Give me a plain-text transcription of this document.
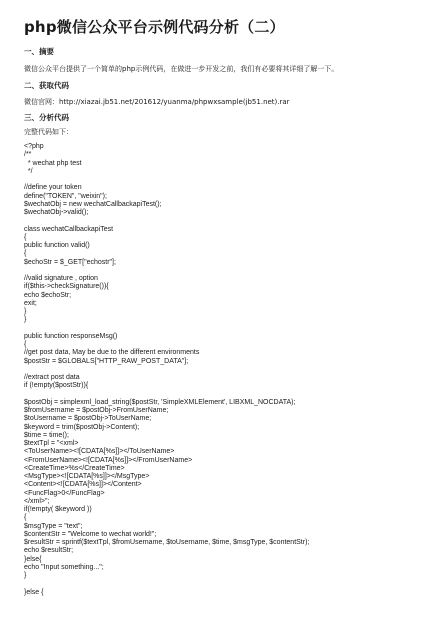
php微信公众平台示例代码分析（二）
一、摘要

微信公众平台提供了一个简单的php示例代码，在做进一步开发之前，我们有必要将其详细了解一下。

二、获取代码

微信官网：http://xiazai.jb51.net/201612/yuanma/phpwxsample(jb51.net).rar

三、分析代码

完整代码如下：

<?php
/**
* wechat php test
*/

//define your token
define("TOKEN", "weixin");
$wechatObj = new wechatCallbackapiTest();
$wechatObj->valid();

class wechatCallbackapiTest
{
public function valid()
{
$echoStr = $_GET["echostr"];

//valid signature , option
if($this->checkSignature()){
echo $echoStr;
exit;
}
}

public function responseMsg()
{
//get post data, May be due to the different environments
$postStr = $GLOBALS["HTTP_RAW_POST_DATA"];

//extract post data
if (!empty($postStr)){

$postObj = simplexml_load_string($postStr, 'SimpleXMLElement', LIBXML_NOCDATA);
$fromUsername = $postObj->FromUserName;
$toUsername = $postObj->ToUserName;
$keyword = trim($postObj->Content);
$time = time();
$textTpl = "<xml>
<ToUserName><![CDATA[%s]]></ToUserName>
<FromUserName><![CDATA[%s]]></FromUserName>
<CreateTime>%s</CreateTime>
<MsgType><![CDATA[%s]]></MsgType>
<Content><![CDATA[%s]]></Content>
<FuncFlag>0</FuncFlag>
</xml>";
if(!empty( $keyword ))
{
$msgType = "text";
$contentStr = "Welcome to wechat world!";
$resultStr = sprintf($textTpl, $fromUsername, $toUsername, $time, $msgType, $contentStr);
echo $resultStr;
}else{
echo "Input something...";
}

}else {
